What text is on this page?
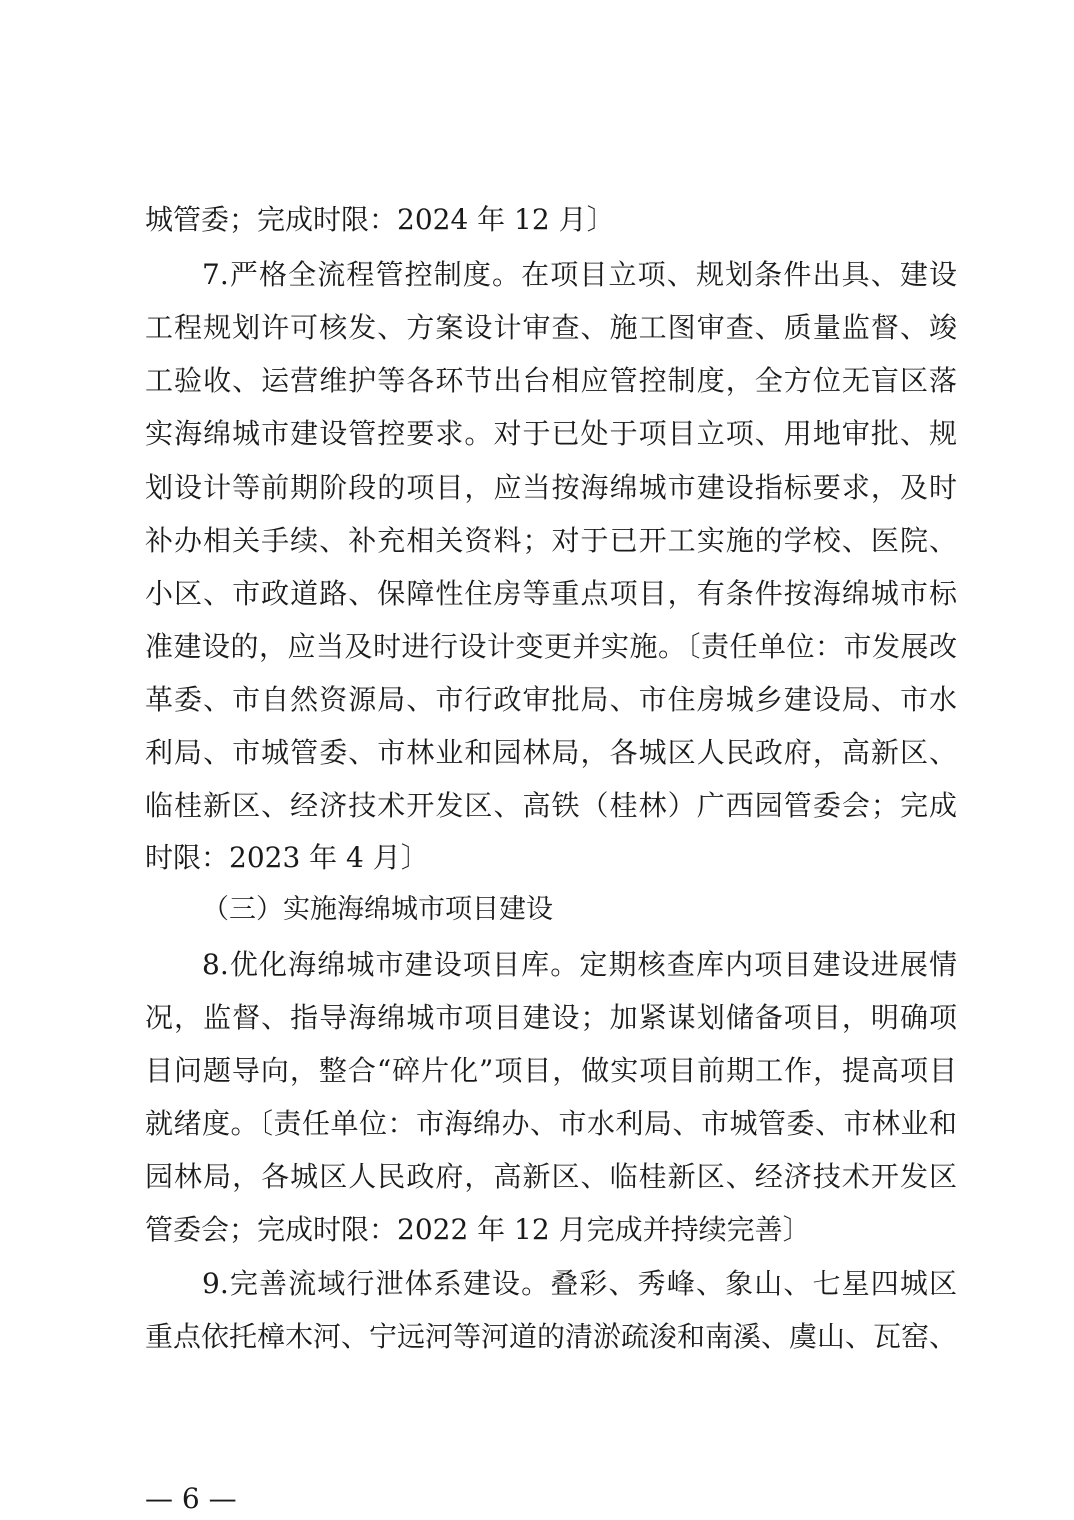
城管委；完成时限：2024 年 12 月〕
7.严格全流程管控制度。在项目立项、规划条件出具、建设
工程规划许可核发、方案设计审查、施工图审查、质量监督、竣
工验收、运营维护等各环节出台相应管控制度，全方位无盲区落
实海绵城市建设管控要求。对于已处于项目立项、用地审批、规
划设计等前期阶段的项目，应当按海绵城市建设指标要求，及时
补办相关手续、补充相关资料；对于已开工实施的学校、医院、
小区、市政道路、保障性住房等重点项目，有条件按海绵城市标
准建设的，应当及时进行设计变更并实施。〔责任单位：市发展改
革委、市自然资源局、市行政审批局、市住房城乡建设局、市水
利局、市城管委、市林业和园林局，各城区人民政府，高新区、
临桂新区、经济技术开发区、高铁（桂林）广西园管委会；完成
时限：2023 年 4 月〕
（三）实施海绵城市项目建设
8.优化海绵城市建设项目库。定期核查库内项目建设进展情
况，监督、指导海绵城市项目建设；加紧谋划储备项目，明确项
目问题导向，整合“碎片化”项目，做实项目前期工作，提高项目
就绪度。〔责任单位：市海绵办、市水利局、市城管委、市林业和
园林局，各城区人民政府，高新区、临桂新区、经济技术开发区
管委会；完成时限：2022 年 12 月完成并持续完善〕
9.完善流域行泄体系建设。叠彩、秀峰、象山、七星四城区
重点依托樟木河、宁远河等河道的清淤疏浚和南溪、虞山、瓦窑、
— 6 —
